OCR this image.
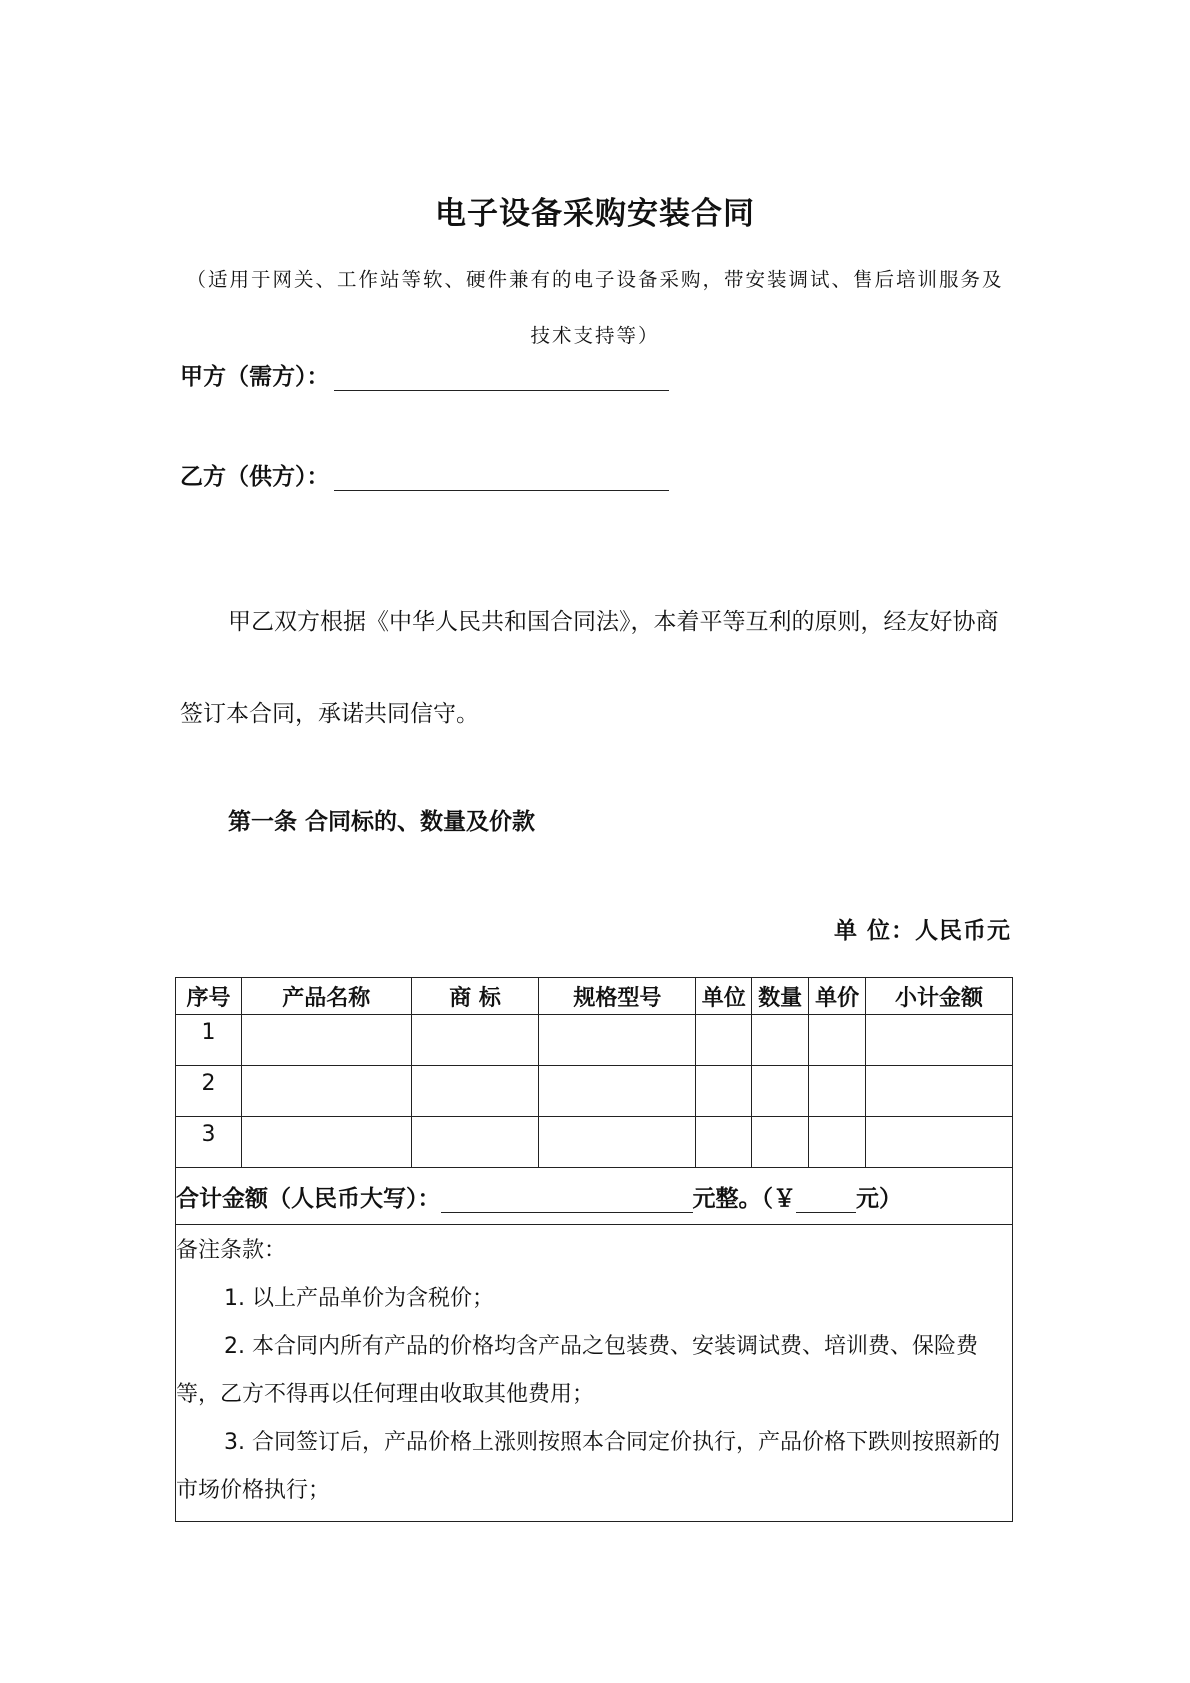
电子设备采购安装合同
（适用于网关、工作站等软、硬件兼有的电子设备采购，带安装调试、售后培训服务及技术支持等）
甲方（需方）：
乙方（供方）：
甲乙双方根据《中华人民共和国合同法》，本着平等互利的原则，经友好协商签订本合同，承诺共同信守。
第一条 合同标的、数量及价款
单 位：人民币元
序号	产品名称	商 标	规格型号	单位	数量	单价	小计金额
1							
2							
3							
合计金额（人民币大写）： 元整。（￥ 元）							

备注条款：
1. 以上产品单价为含税价；
2. 本合同内所有产品的价格均含产品之包装费、安装调试费、培训费、保险费等，乙方不得再以任何理由收取其他费用；
3. 合同签订后，产品价格上涨则按照本合同定价执行，产品价格下跌则按照新的市场价格执行；							
